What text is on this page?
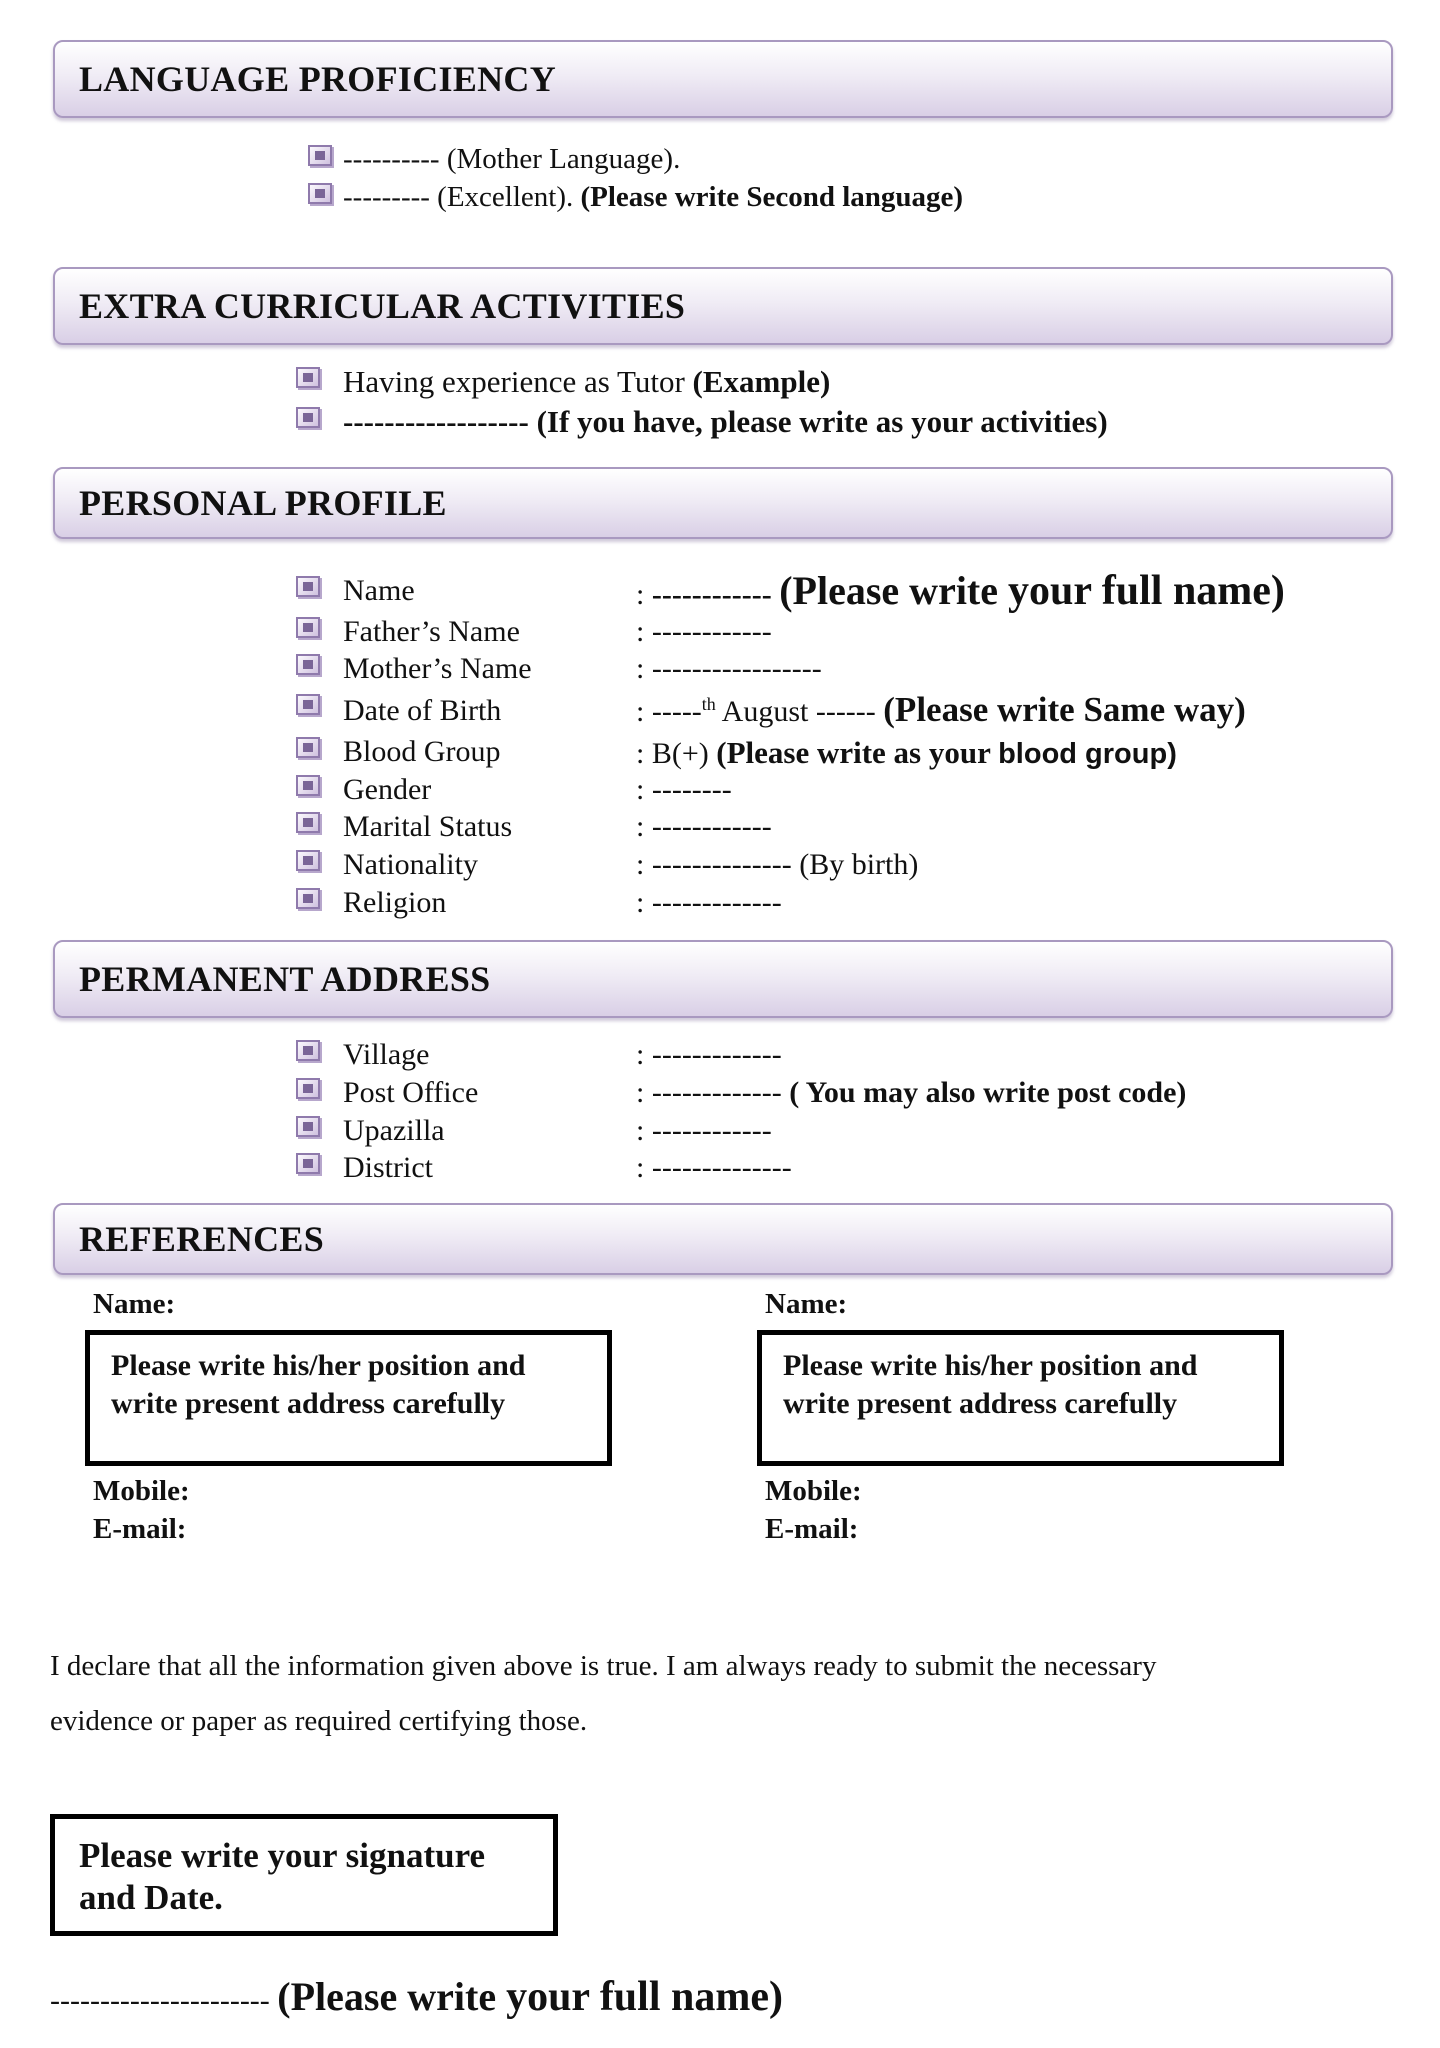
LANGUAGE PROFICIENCY
---------- (Mother Language).
--------- (Excellent). (Please write Second language)
EXTRA CURRICULAR ACTIVITIES
Having experience as Tutor (Example)
------------------ (If you have, please write as your activities)
PERSONAL PROFILE
Name	: ------------ (Please write your full name)
Father’s Name	: ------------
Mother’s Name	: -----------------
Date of Birth	: -----$^{th}$ August ------ (Please write Same way)
Blood Group	: B(+) (Please write as your blood group)
Gender	: --------
Marital Status	: ------------
Nationality	: -------------- (By birth)
Religion	: -------------
PERMANENT ADDRESS
Village	: -------------
Post Office	: ------------- ( You may also write post code)
Upazilla	: ------------
District	: --------------
REFERENCES
Name:
Please write his/her position and
write present address carefully
Mobile:
E-mail:
Name:
Please write his/her position and
write present address carefully
Mobile:
E-mail:
I declare that all the information given above is true. I am always ready to submit the necessary
evidence or paper as required certifying those.
Please write your signature
and Date.
---------------------- (Please write your full name)
